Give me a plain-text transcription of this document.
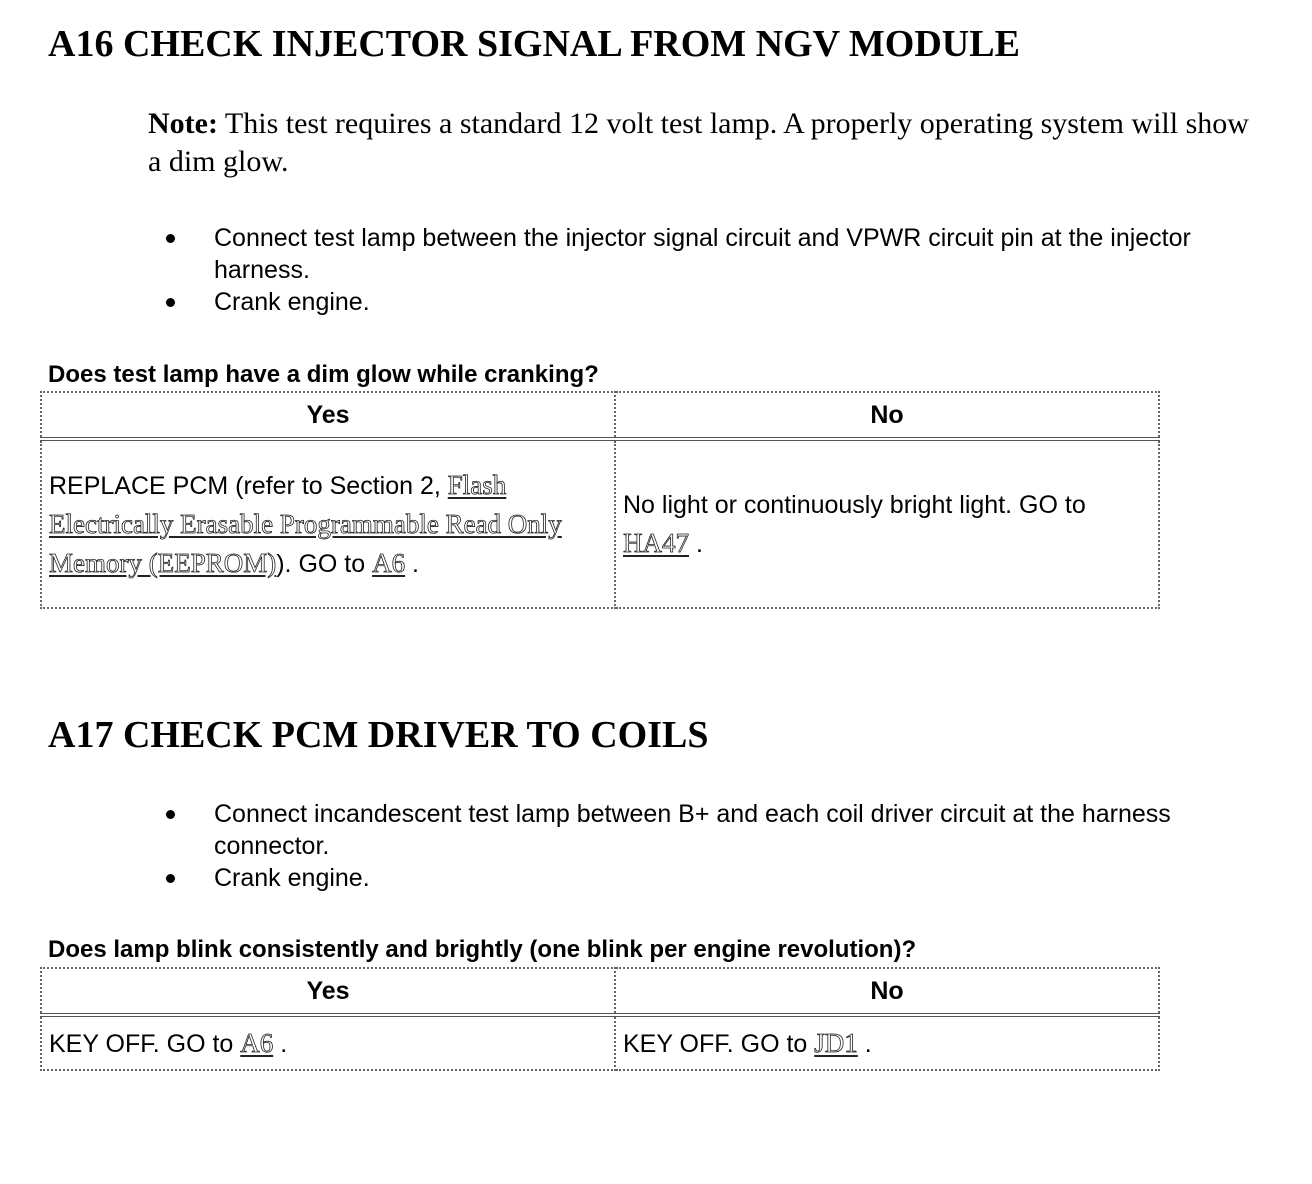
A16 CHECK INJECTOR SIGNAL FROM NGV MODULE
Note: This test requires a standard 12 volt test lamp. A properly operating system will show a dim glow.
Connect test lamp between the injector signal circuit and VPWR circuit pin at the injector harness.
Crank engine.
Does test lamp have a dim glow while cranking?
Yes	No
REPLACE PCM (refer to Section 2, Flash Electrically Erasable Programmable Read Only Memory (EEPROM)). GO to A6 .	No light or continuously bright light. GO to HA47 .
A17 CHECK PCM DRIVER TO COILS
Connect incandescent test lamp between B+ and each coil driver circuit at the harness connector.
Crank engine.
Does lamp blink consistently and brightly (one blink per engine revolution)?
Yes	No
KEY OFF. GO to A6 .	KEY OFF. GO to JD1 .
